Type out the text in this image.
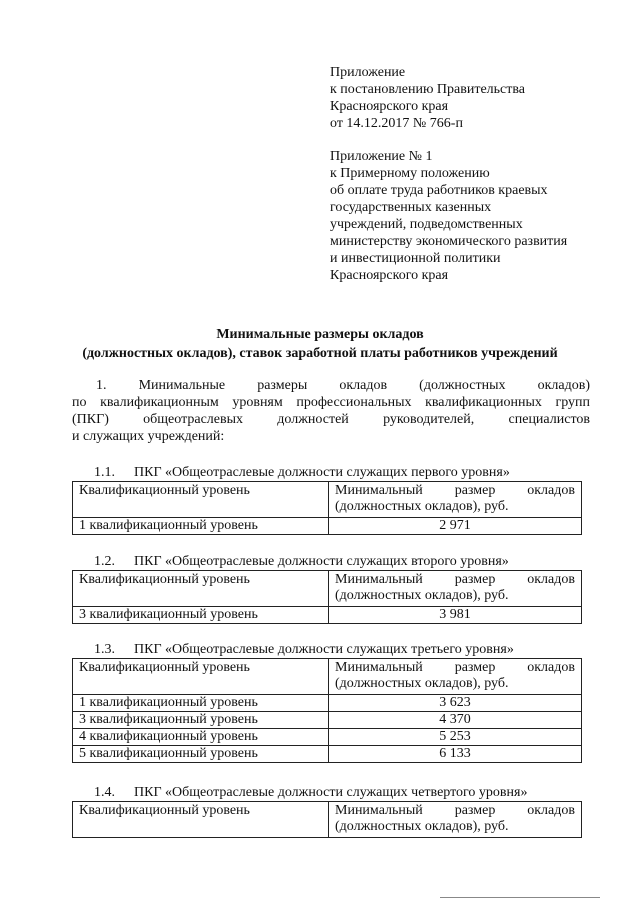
Приложение
к постановлению Правительства
Красноярского края
от 14.12.2017 № 766-п
Приложение № 1
к Примерному положению
об оплате труда работников краевых
государственных казенных
учреждений, подведомственных
министерству экономического развития
и инвестиционной политики
Красноярского края
Минимальные размеры окладов
(должностных окладов), ставок заработной платы работников учреждений
1. Минимальные размеры окладов (должностных окладов)
по квалификационным уровням профессиональных квалификационных групп
(ПКГ) общеотраслевых должностей руководителей, специалистов
и служащих учреждений:
1.1. ПКГ «Общеотраслевые должности служащих первого уровня»
Квалификационный уровень	Минимальный размер окладов
(должностных окладов), руб.
1 квалификационный уровень	2 971
1.2. ПКГ «Общеотраслевые должности служащих второго уровня»
Квалификационный уровень	Минимальный размер окладов
(должностных окладов), руб.
3 квалификационный уровень	3 981
1.3. ПКГ «Общеотраслевые должности служащих третьего уровня»
Квалификационный уровень	Минимальный размер окладов
(должностных окладов), руб.
1 квалификационный уровень	3 623
3 квалификационный уровень	4 370
4 квалификационный уровень	5 253
5 квалификационный уровень	6 133
1.4. ПКГ «Общеотраслевые должности служащих четвертого уровня»
Квалификационный уровень	Минимальный размер окладов
(должностных окладов), руб.
